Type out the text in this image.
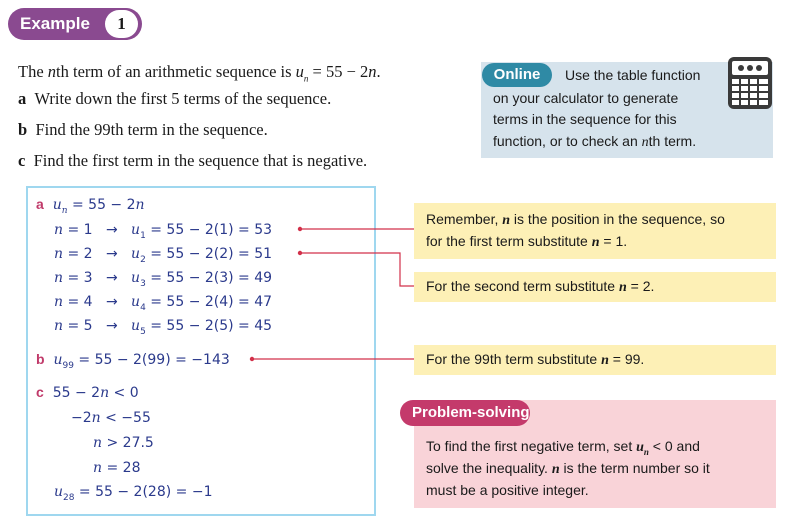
Example	1
The nth term of an arithmetic sequence is $u_n = 55 - 2n$.
a Write down the first 5 terms of the sequence.
b Find the 99th term in the sequence.
c Find the first term in the sequence that is negative.
Online	Use the table function
on your calculator to generate
terms in the sequence for this
function, or to check an nth term.
a $u_n = 55 - 2n$
$n = 1 \to u_1 = 55 - 2(1) = 53$
$n = 2 \to u_2 = 55 - 2(2) = 51$
$n = 3 \to u_3 = 55 - 2(3) = 49$
$n = 4 \to u_4 = 55 - 2(4) = 47$
$n = 5 \to u_5 = 55 - 2(5) = 45$
b $u_{99} = 55 - 2(99) = -143$
c 55 − 2n < 0
−2n < −55
n > 27.5
n = 28
$u_{28} = 55 - 2(28) = -1$
Remember, n is the position in the sequence, so
for the first term substitute n = 1.
For the second term substitute n = 2.
For the 99th term substitute n = 99.
Problem-solving
To find the first negative term, set $u_n < 0$ and
solve the inequality. n is the term number so it
must be a positive integer.
